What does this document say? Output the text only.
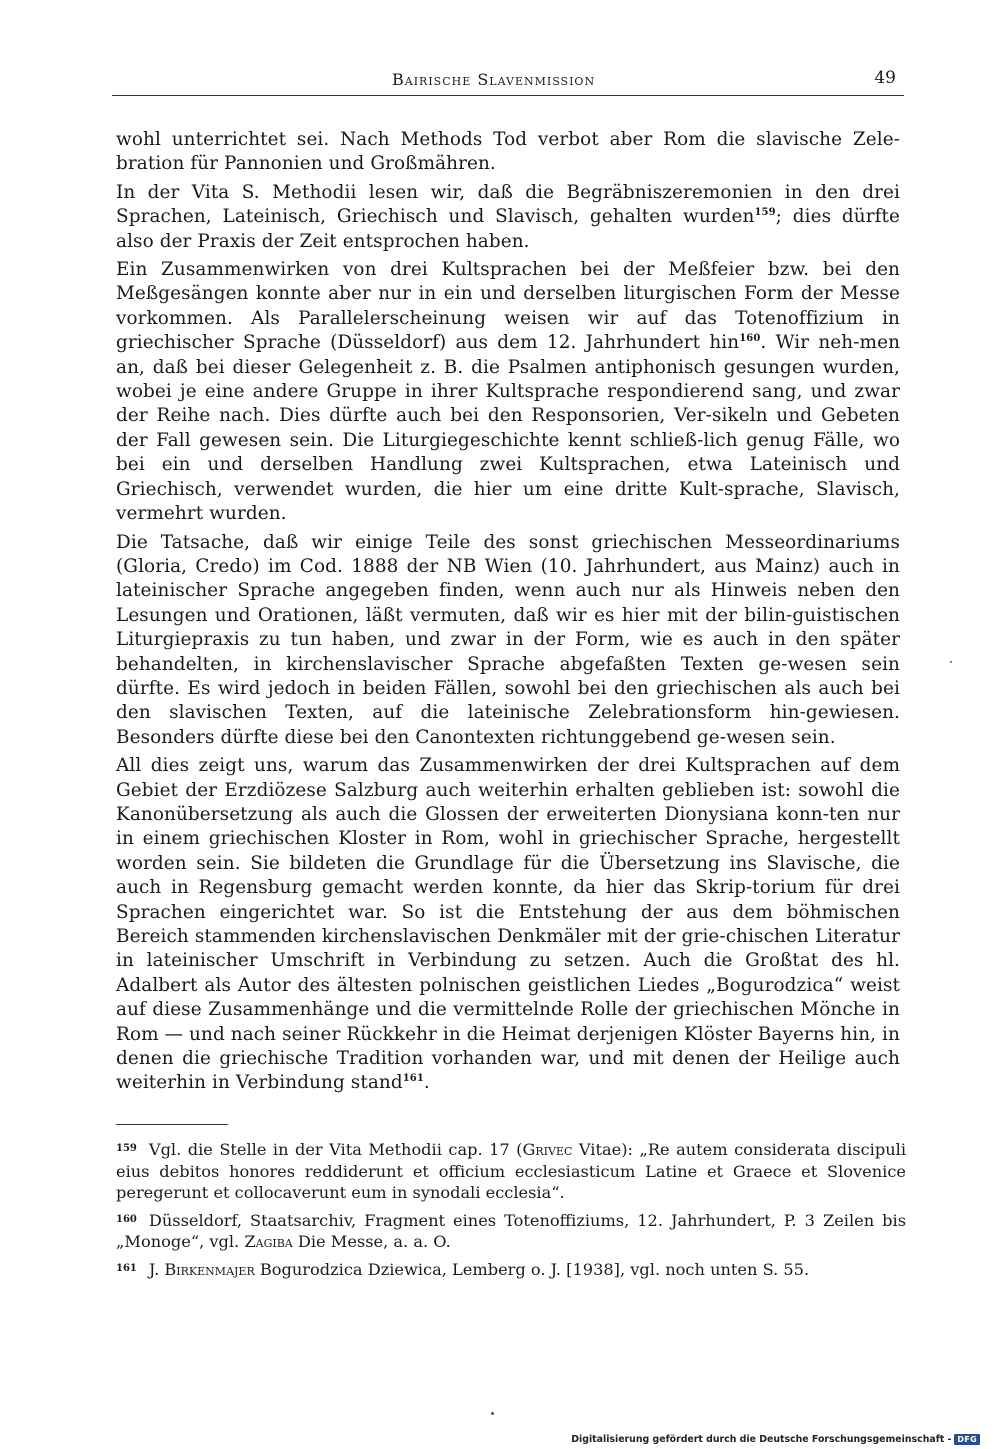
Bairische Slavenmission	49

wohl unterrichtet sei. Nach Methods Tod verbot aber Rom die slavische Zele-bration für Pannonien und Großmähren.

In der Vita S. Methodii lesen wir, daß die Begräbniszeremonien in den drei Sprachen, Lateinisch, Griechisch und Slavisch, gehalten wurden$^{159}$; dies dürfte also der Praxis der Zeit entsprochen haben.

Ein Zusammenwirken von drei Kultsprachen bei der Meßfeier bzw. bei den Meßgesängen konnte aber nur in ein und derselben liturgischen Form der Messe vorkommen. Als Parallelerscheinung weisen wir auf das Totenoffizium in griechischer Sprache (Düsseldorf) aus dem 12. Jahrhundert hin$^{160}$. Wir neh-men an, daß bei dieser Gelegenheit z. B. die Psalmen antiphonisch gesungen wurden, wobei je eine andere Gruppe in ihrer Kultsprache respondierend sang, und zwar der Reihe nach. Dies dürfte auch bei den Responsorien, Ver-sikeln und Gebeten der Fall gewesen sein. Die Liturgiegeschichte kennt schließ-lich genug Fälle, wo bei ein und derselben Handlung zwei Kultsprachen, etwa Lateinisch und Griechisch, verwendet wurden, die hier um eine dritte Kult-sprache, Slavisch, vermehrt wurden.

Die Tatsache, daß wir einige Teile des sonst griechischen Messeordinariums (Gloria, Credo) im Cod. 1888 der NB Wien (10. Jahrhundert, aus Mainz) auch in lateinischer Sprache angegeben finden, wenn auch nur als Hinweis neben den Lesungen und Orationen, läßt vermuten, daß wir es hier mit der bilin-guistischen Liturgiepraxis zu tun haben, und zwar in der Form, wie es auch in den später behandelten, in kirchenslavischer Sprache abgefaßten Texten ge-wesen sein dürfte. Es wird jedoch in beiden Fällen, sowohl bei den griechischen als auch bei den slavischen Texten, auf die lateinische Zelebrationsform hin-gewiesen. Besonders dürfte diese bei den Canontexten richtunggebend ge-wesen sein.

All dies zeigt uns, warum das Zusammenwirken der drei Kultsprachen auf dem Gebiet der Erzdiözese Salzburg auch weiterhin erhalten geblieben ist: sowohl die Kanonübersetzung als auch die Glossen der erweiterten Dionysiana konn-ten nur in einem griechischen Kloster in Rom, wohl in griechischer Sprache, hergestellt worden sein. Sie bildeten die Grundlage für die Übersetzung ins Slavische, die auch in Regensburg gemacht werden konnte, da hier das Skrip-torium für drei Sprachen eingerichtet war. So ist die Entstehung der aus dem böhmischen Bereich stammenden kirchenslavischen Denkmäler mit der grie-chischen Literatur in lateinischer Umschrift in Verbindung zu setzen. Auch die Großtat des hl. Adalbert als Autor des ältesten polnischen geistlichen Liedes „Bogurodzica“ weist auf diese Zusammenhänge und die vermittelnde Rolle der griechischen Mönche in Rom — und nach seiner Rückkehr in die Heimat derjenigen Klöster Bayerns hin, in denen die griechische Tradition vorhanden war, und mit denen der Heilige auch weiterhin in Verbindung stand$^{161}$.

$^{159}$ Vgl. die Stelle in der Vita Methodii cap. 17 (Grivec Vitae): „Re autem considerata discipuli eius debitos honores reddiderunt et officium ecclesiasticum Latine et Graece et Slovenice peregerunt et collocaverunt eum in synodali ecclesia“.

$^{160}$ Düsseldorf, Staatsarchiv, Fragment eines Totenoffiziums, 12. Jahrhundert, P. 3 Zeilen bis „Monoge“, vgl. Zagiba Die Messe, a. a. O.

$^{161}$ J. Birkenmajer Bogurodzica Dziewica, Lemberg o. J. [1938], vgl. noch unten S. 55.

Digitalisierung gefördert durch die Deutsche Forschungsgemeinschaft - DFG
